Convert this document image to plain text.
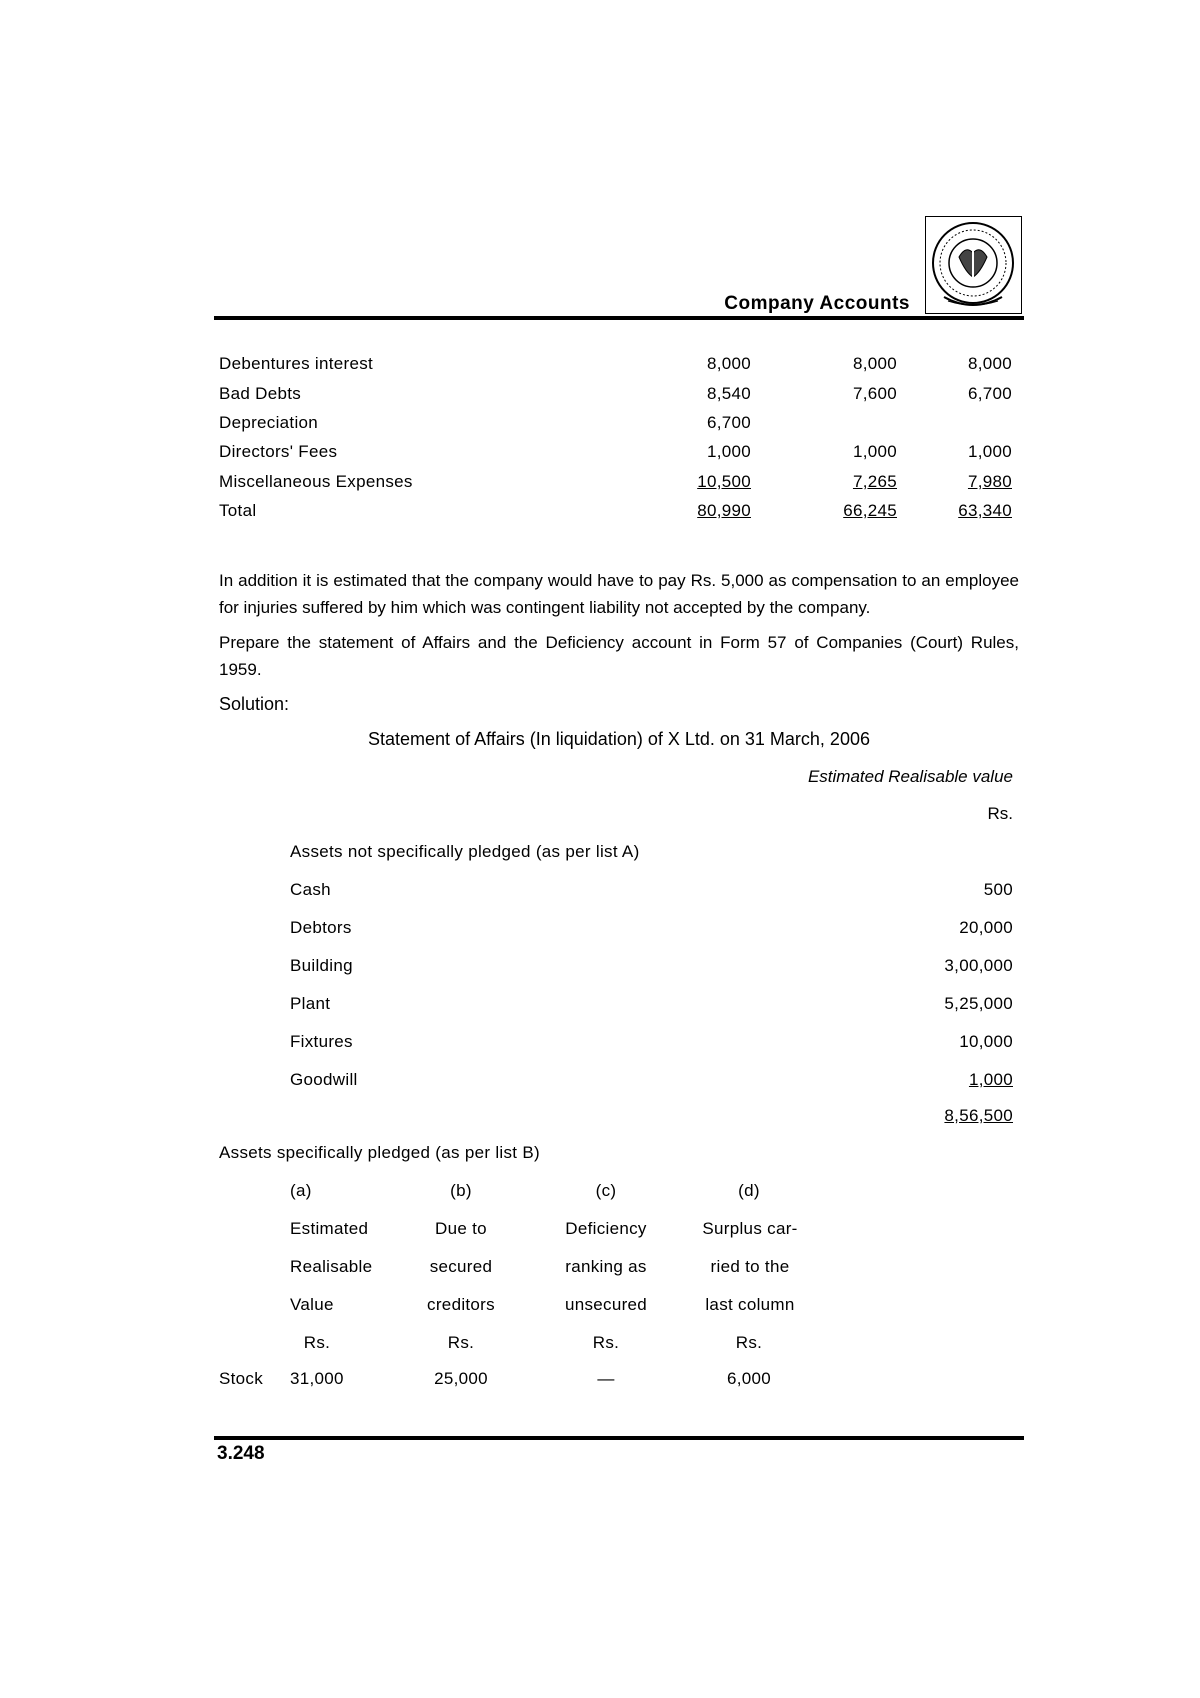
Company Accounts
Debentures interest	8,000	8,000	8,000
Bad Debts	8,540	7,600	6,700
Depreciation	6,700
Directors' Fees	1,000	1,000	1,000
Miscellaneous Expenses	10,500	7,265	7,980
Total	80,990	66,245	63,340
In addition it is estimated that the company would have to pay Rs. 5,000 as compensation to an employee for injuries suffered by him which was contingent liability not accepted by the company.
Prepare the statement of Affairs and the Deficiency account in Form 57 of Companies (Court) Rules, 1959.
Solution:
Statement of Affairs (In liquidation) of X Ltd. on 31 March, 2006
Estimated Realisable value
Rs.
Assets not specifically pledged (as per list A)
Cash	500
Debtors	20,000
Building	3,00,000
Plant	5,25,000
Fixtures	10,000
Goodwill	1,000
8,56,500
Assets specifically pledged (as per list B)
(a)	(b)	(c)	(d)
Estimated	Due to	Deficiency	Surplus car-
Realisable	secured	ranking as	ried to the
Value	creditors	unsecured	last column
Rs.	Rs.	Rs.	Rs.
Stock	31,000	25,000	—	6,000
3.248
